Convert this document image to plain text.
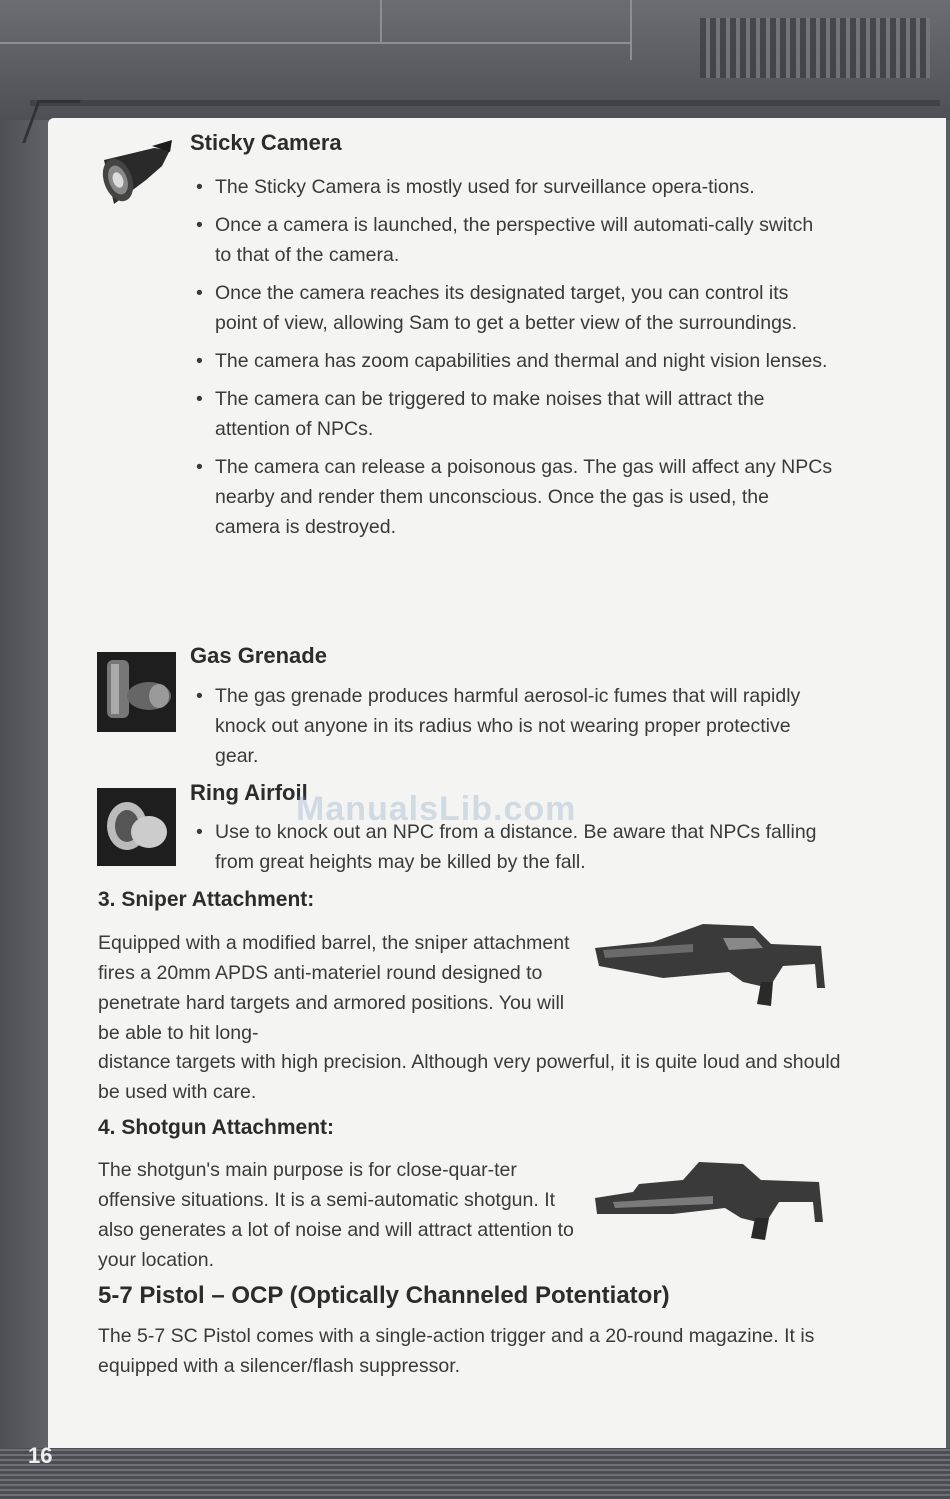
Sticky Camera
• The Sticky Camera is mostly used for surveillance opera-tions.
• Once a camera is launched, the perspective will automati-cally switch to that of the camera.
• Once the camera reaches its designated target, you can control its point of view, allowing Sam to get a better view of the surroundings.
• The camera has zoom capabilities and thermal and night vision lenses.
• The camera can be triggered to make noises that will attract the attention of NPCs.
• The camera can release a poisonous gas. The gas will affect any NPCs nearby and render them unconscious. Once the gas is used, the camera is destroyed.
Gas Grenade
• The gas grenade produces harmful aerosol-ic fumes that will rapidly knock out anyone in its radius who is not wearing proper protective gear.
Ring Airfoil
• Use to knock out an NPC from a distance. Be aware that NPCs falling from great heights may be killed by the fall.
3. Sniper Attachment:

Equipped with a modified barrel, the sniper attachment fires a 20mm APDS anti-materiel round designed to penetrate hard targets and armored positions. You will be able to hit long-

distance targets with high precision. Although very powerful, it is quite loud and should be used with care.

4. Shotgun Attachment:

The shotgun's main purpose is for close-quar-ter offensive situations. It is a semi-automatic shotgun. It also generates a lot of noise and will attract attention to your location.

5-7 Pistol – OCP (Optically Channeled Potentiator)

The 5-7 SC Pistol comes with a single-action trigger and a 20-round magazine. It is equipped with a silencer/flash suppressor.

ManualsLib.com
16
